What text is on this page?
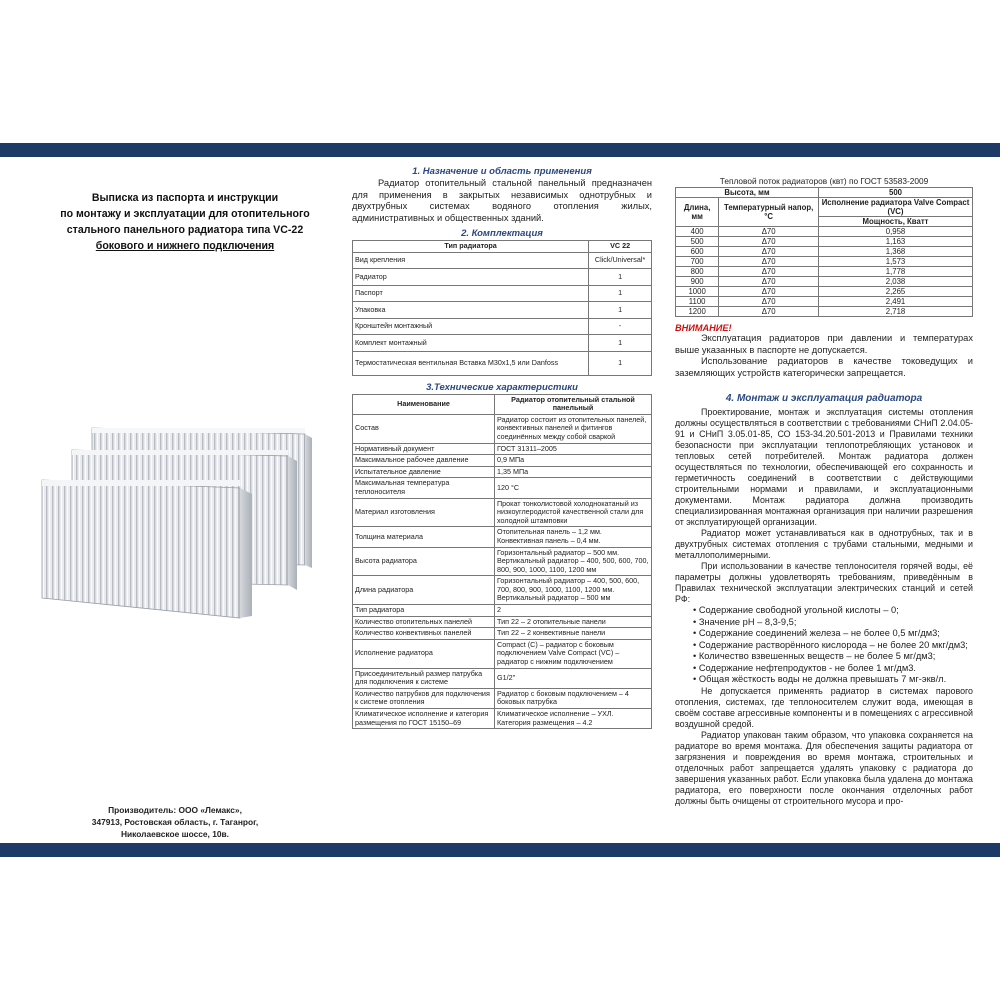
Выписка из паспорта и инструкции
по монтажу и эксплуатации для отопительного
стального панельного радиатора типа VC-22
бокового и нижнего подключения
Производитель: ООО «Лемакс»,
347913, Ростовская область, г. Таганрог,
Николаевское шоссе, 10в.
1. Назначение и область применения

Радиатор отопительный стальной панельный предназначен для применения в закрытых независимых однотрубных и двухтрубных системах водяного отопления жилых, административных и общественных зданий.

2. Комплектация
Тип радиатора	VC 22
Вид крепления	Click/Universal*
Радиатор	1
Паспорт	1
Упаковка	1
Кронштейн монтажный	-
Комплект монтажный	1
Термостатическая вентильная Вставка М30x1,5 или Danfoss	1
3.Технические характеристики
Наименование	Радиатор отопительный стальной панельный
Состав	Радиатор состоит из отопительных панелей, конвективных панелей и фитингов соединённых между собой сваркой
Нормативный документ	ГОСТ 31311–2005
Максимальное рабочее давление	0,9 МПа
Испытательное давление	1,35 МПа
Максимальная температура теплоносителя	120 °С
Материал изготовления	Прокат тонколистовой холоднокатаный из низкоуглеродистой качественной стали для холодной штамповки
Толщина материала	Отопительная панель – 1,2 мм. Конвективная панель – 0,4 мм.
Высота радиатора	Горизонтальный радиатор – 500 мм. Вертикальный радиатор – 400, 500, 600, 700, 800, 900, 1000, 1100, 1200 мм
Длина радиатора	Горизонтальный радиатор – 400, 500, 600, 700, 800, 900, 1000, 1100, 1200 мм. Вертикальный радиатор – 500 мм
Тип радиатора	2
Количество отопительных панелей	Тип 22 – 2 отопительные панели
Количество конвективных панелей	Тип 22 – 2 конвективные панели
Исполнение радиатора	Compact (C) – радиатор с боковым подключением Valve Compact (VC) – радиатор с нижним подключением
Присоединительный размер патрубка для подключения к системе	G1/2"
Количество патрубков для подключения к системе отопления	Радиатор с боковым подключением – 4 боковых патрубка
Климатическое исполнение и категория размещения по ГОСТ 15150–69	Климатическое исполнение – УХЛ. Категория размещения – 4.2
Тепловой поток радиаторов (квт) по ГОСТ 53583-2009
Высота, мм		500
Длина, мм	Температурный напор, °С	Исполнение радиатора Valve Compact (VC)
		Мощность, Кватт
400	Δ70	0,958
500	Δ70	1,163
600	Δ70	1,368
700	Δ70	1,573
800	Δ70	1,778
900	Δ70	2,038
1000	Δ70	2,265
1100	Δ70	2,491
1200	Δ70	2,718
ВНИМАНИЕ!

Эксплуатация радиаторов при давлении и температурах выше указанных в паспорте не допускается.

Использование радиаторов в качестве токоведущих и заземляющих устройств категорически запрещается.

4. Монтаж и эксплуатация радиатора

Проектирование, монтаж и эксплуатация системы отопления должны осуществляться в соответствии с требованиями СНиП 2.04.05-91 и СНиП 3.05.01-85, СО 153-34.20.501-2013 и Правилами техники безопасности при эксплуатации теплопотребляющих установок и тепловых сетей потребителей. Монтаж радиатора должен осуществляться по технологии, обеспечивающей его сохранность и герметичность соединений в соответствии с действующими строительными нормами и правилами, и эксплуатационными документами. Монтаж радиатора должна производить специализированная монтажная организация при наличии разрешения от эксплуатирующей организации.

Радиатор может устанавливаться как в однотрубных, так и в двухтрубных системах отопления с трубами стальными, медными и металлополимерными.

При использовании в качестве теплоносителя горячей воды, её параметры должны удовлетворять требованиям, приведённым в Правилах технической эксплуатации электрических станций и сетей РФ:

• Содержание свободной угольной кислоты – 0;
• Значение рН – 8,3-9,5;
• Содержание соединений железа – не более 0,5 мг/дм3;
• Содержание растворённого кислорода – не более 20 мкг/дм3;
• Количество взвешенных веществ – не более 5 мг/дм3;
• Содержание нефтепродуктов - не более 1 мг/дм3.
• Общая жёсткость воды не должна превышать 7 мг-экв/л.

Не допускается применять радиатор в системах парового отопления, системах, где теплоносителем служит вода, имеющая в своём составе агрессивные компоненты и в помещениях с агрессивной воздушной средой.

Радиатор упакован таким образом, что упаковка сохраняется на радиаторе во время монтажа. Для обеспечения защиты радиатора от загрязнения и повреждения во время монтажа, строительных и отделочных работ запрещается удалять упаковку с радиатора до завершения указанных работ. Если упаковка была удалена до монтажа радиатора, его поверхности после окончания отделочных работ должны быть очищены от строительного мусора и про-
